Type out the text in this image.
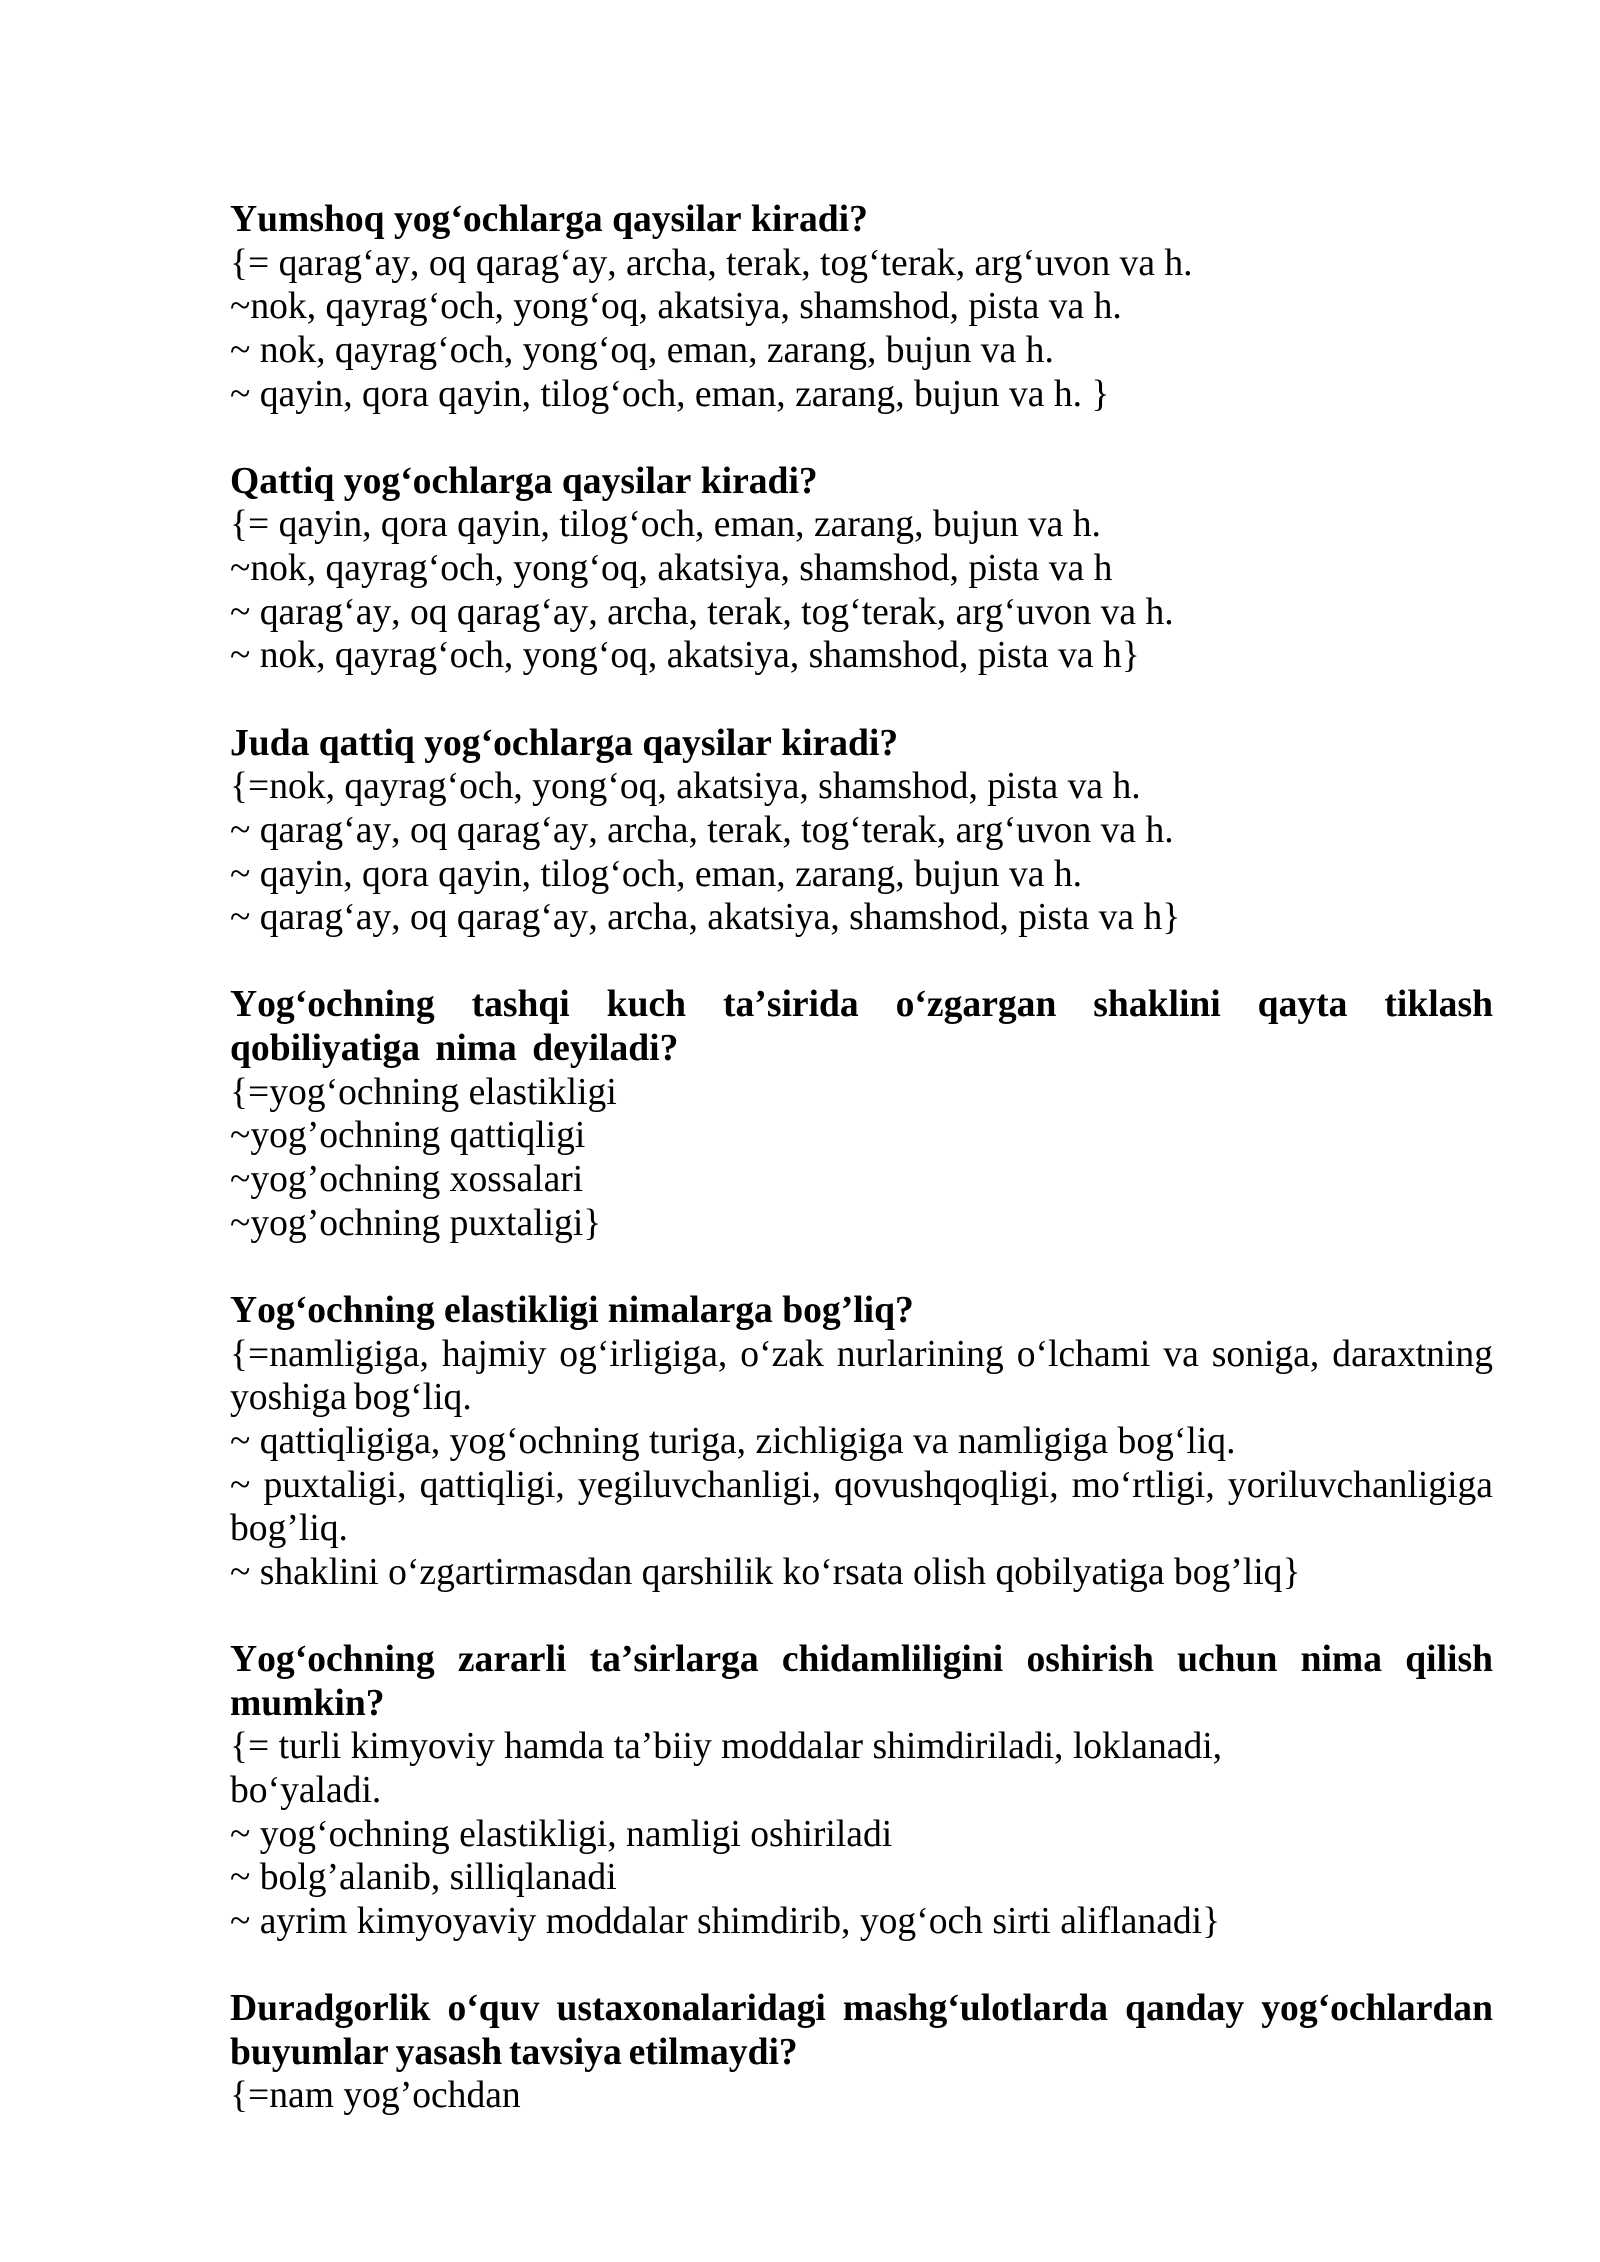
Yumshoq yog‘ochlarga qaysilar kiradi?

{= qarag‘ay, oq qarag‘ay, archa, terak, tog‘terak, arg‘uvon va h.

~nok, qayrag‘och, yong‘oq, akatsiya, shamshod, pista va h.

~ nok, qayrag‘och, yong‘oq, eman, zarang, bujun va h.

~ qayin, qora qayin, tilog‘och, eman, zarang, bujun va h. }

Qattiq yog‘ochlarga qaysilar kiradi?

{= qayin, qora qayin, tilog‘och, eman, zarang, bujun va h.

~nok, qayrag‘och, yong‘oq, akatsiya, shamshod, pista va h

~ qarag‘ay, oq qarag‘ay, archa, terak, tog‘terak, arg‘uvon va h.

~ nok, qayrag‘och, yong‘oq, akatsiya, shamshod, pista va h}

Juda qattiq yog‘ochlarga qaysilar kiradi?

{=nok, qayrag‘och, yong‘oq, akatsiya, shamshod, pista va h.

~ qarag‘ay, oq qarag‘ay, archa, terak, tog‘terak, arg‘uvon va h.

~ qayin, qora qayin, tilog‘och, eman, zarang, bujun va h.

~ qarag‘ay, oq qarag‘ay, archa, akatsiya, shamshod, pista va h}

Yog‘ochning tashqi kuch ta’sirida o‘zgargan shaklini qayta tiklash qobiliyatiga nima deyiladi?

{=yog‘ochning elastikligi

~yog’ochning qattiqligi

~yog’ochning xossalari

~yog’ochning puxtaligi}

Yog‘ochning elastikligi nimalarga bog’liq?

{=namligiga, hajmiy og‘irligiga, o‘zak nurlarining o‘lchami va soniga, daraxtning yoshiga bog‘liq.

~ qattiqligiga, yog‘ochning turiga, zichligiga va namligiga bog‘liq.

~ puxtaligi, qattiqligi, yegiluvchanligi, qovushqoqligi, mo‘rtligi, yoriluvchanligiga bog’liq.

~ shaklini o‘zgartirmasdan qarshilik ko‘rsata olish qobilyatiga bog’liq}

Yog‘ochning zararli ta’sirlarga chidamliligini oshirish uchun nima qilish mumkin?

{= turli kimyoviy hamda ta’biiy moddalar shimdiriladi, loklanadi,
bo‘yaladi.

~ yog‘ochning elastikligi, namligi oshiriladi

~ bolg’alanib, silliqlanadi

~ ayrim kimyoyaviy moddalar shimdirib, yog‘och sirti aliflanadi}

Duradgorlik o‘quv ustaxonalaridagi mashg‘ulotlarda qanday yog‘ochlardan buyumlar yasash tavsiya etilmaydi?

{=nam yog’ochdan
